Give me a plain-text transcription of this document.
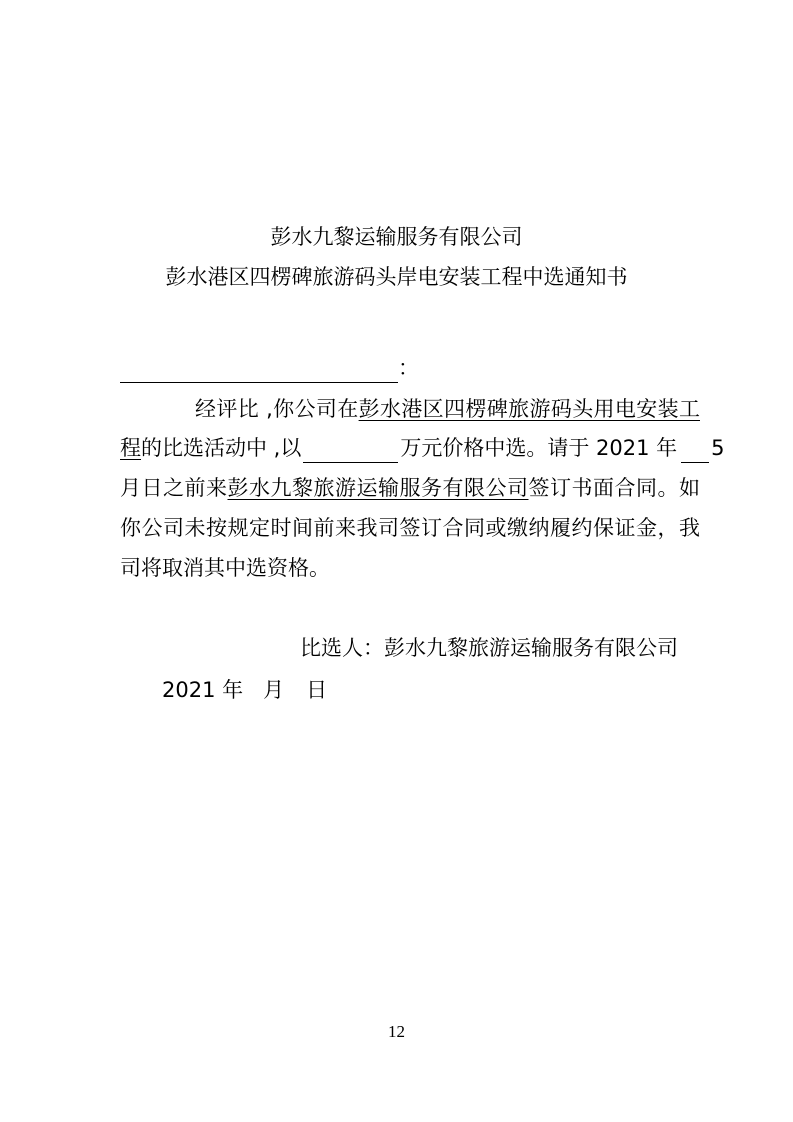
彭水九黎运输服务有限公司
彭水港区四楞碑旅游码头岸电安装工程中选通知书
：
经评比 ,你公司在彭水港区四楞碑旅游码头用电安装工
程的比选活动中 ,以	万元价格中选。请于 2021 年 5
月日之前来彭水九黎旅游运输服务有限公司签订书面合同。如
你公司未按规定时间前来我司签订合同或缴纳履约保证金，我
司将取消其中选资格。
比选人：彭水九黎旅游运输服务有限公司
2021 年 月 日
12
